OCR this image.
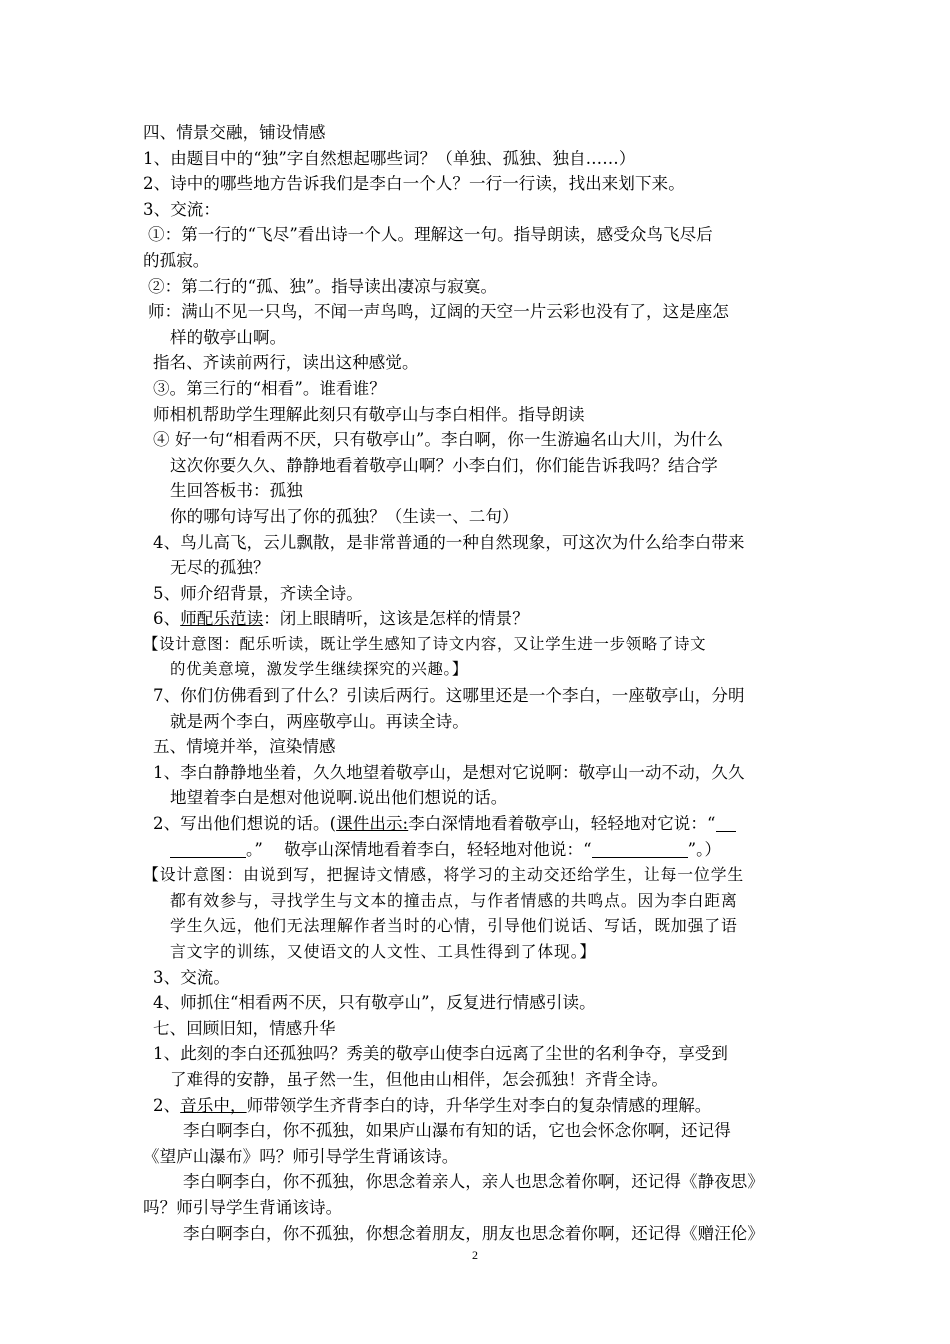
四、情景交融，铺设情感
1、由题目中的“独”字自然想起哪些词？（单独、孤独、独自……）
2、诗中的哪些地方告诉我们是李白一个人？一行一行读，找出来划下来。
3、交流：
①：第一行的“飞尽”看出诗一个人。理解这一句。指导朗读，感受众鸟飞尽后
的孤寂。
②：第二行的“孤、独”。指导读出凄凉与寂寞。
师：满山不见一只鸟，不闻一声鸟鸣，辽阔的天空一片云彩也没有了，这是座怎
样的敬亭山啊。
指名、齐读前两行，读出这种感觉。
③。第三行的“相看”。谁看谁？
师相机帮助学生理解此刻只有敬亭山与李白相伴。指导朗读
④ 好一句“相看两不厌，只有敬亭山”。李白啊，你一生游遍名山大川，为什么
这次你要久久、静静地看着敬亭山啊？小李白们，你们能告诉我吗？结合学
生回答板书：孤独
你的哪句诗写出了你的孤独？（生读一、二句）
4、鸟儿高飞，云儿飘散，是非常普通的一种自然现象，可这次为什么给李白带来
无尽的孤独？
5、师介绍背景，齐读全诗。
6、师配乐范读：闭上眼睛听，这该是怎样的情景？
【设计意图：配乐听读，既让学生感知了诗文内容，又让学生进一步领略了诗文
的优美意境，激发学生继续探究的兴趣。】
7、你们仿佛看到了什么？引读后两行。这哪里还是一个李白，一座敬亭山，分明
就是两个李白，两座敬亭山。再读全诗。
五、情境并举，渲染情感
1、李白静静地坐着，久久地望着敬亭山，是想对它说啊：敬亭山一动不动，久久
地望着李白是想对他说啊.说出他们想说的话。
2、写出他们想说的话。(课件出示:李白深情地看着敬亭山，轻轻地对它说：“
。”    敬亭山深情地看着李白，轻轻地对他说：“	”。）
【设计意图：由说到写，把握诗文情感，将学习的主动交还给学生，让每一位学生
都有效参与，寻找学生与文本的撞击点，与作者情感的共鸣点。因为李白距离
学生久远，他们无法理解作者当时的心情，引导他们说话、写话，既加强了语
言文字的训练，又使语文的人文性、工具性得到了体现。】
3、交流。
4、师抓住“相看两不厌，只有敬亭山”，反复进行情感引读。
七、回顾旧知，情感升华
1、此刻的李白还孤独吗？秀美的敬亭山使李白远离了尘世的名利争夺，享受到
了难得的安静，虽孑然一生，但他由山相伴，怎会孤独！齐背全诗。
2、音乐中，师带领学生齐背李白的诗，升华学生对李白的复杂情感的理解。
李白啊李白，你不孤独，如果庐山瀑布有知的话，它也会怀念你啊，还记得
《望庐山瀑布》吗？师引导学生背诵该诗。
李白啊李白，你不孤独，你思念着亲人，亲人也思念着你啊，还记得《静夜思》
吗？师引导学生背诵该诗。
李白啊李白，你不孤独，你想念着朋友，朋友也思念着你啊，还记得《赠汪伦》
2
